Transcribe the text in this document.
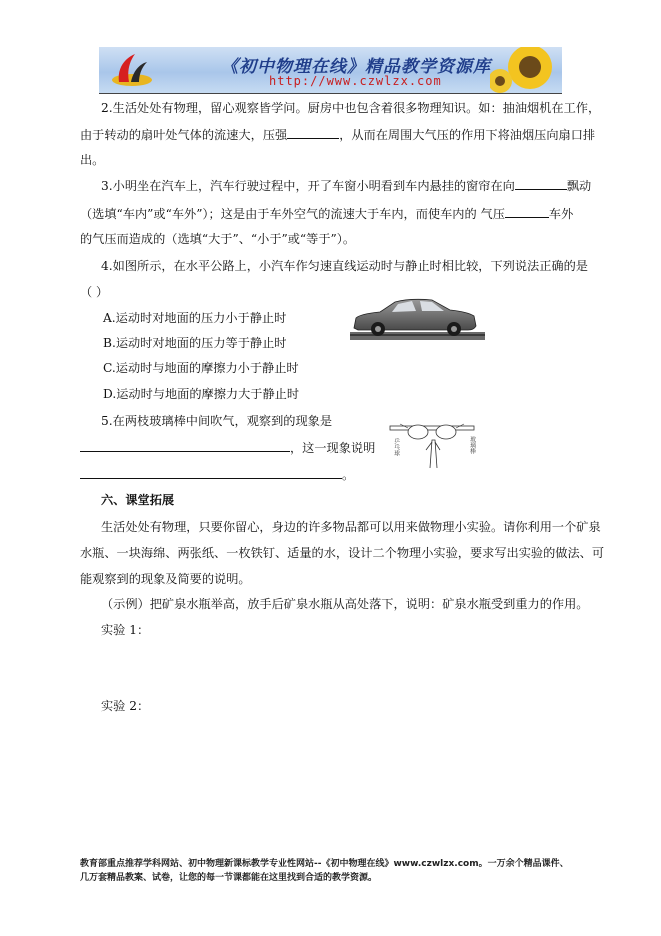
《初中物理在线》精品教学资源库
http://www.czwlzx.com
2.生活处处有物理，留心观察皆学问。厨房中也包含着很多物理知识。如：抽油烟机在工作，
由于转动的扇叶处气体的流速大，压强	，从而在周围大气压的作用下将油烟压向扇口排
出。
3.小明坐在汽车上，汽车行驶过程中，开了车窗小明看到车内悬挂的窗帘在向	飘动
（选填“车内”或“车外”）；这是由于车外空气的流速大于车内，而使车内的 气压	车外
的气压而造成的（选填“大于”、“小于”或“等于”）。
4.如图所示，在水平公路上，小汽车作匀速直线运动时与静止时相比较，下列说法正确的是
（ ）
A.运动时对地面的压力小于静止时
B.运动时对地面的压力等于静止时
C.运动时与地面的摩擦力小于静止时
D.运动时与地面的摩擦力大于静止时
5.在两枝玻璃棒中间吹气，观察到的现象是
，这一现象说明
。
乒乓球	玻璃棒
六、课堂拓展
生活处处有物理，只要你留心，身边的许多物品都可以用来做物理小实验。请你利用一个矿泉
水瓶、一块海绵、两张纸、一枚铁钉、适量的水，设计二个物理小实验，要求写出实验的做法、可
能观察到的现象及简要的说明。
（示例）把矿泉水瓶举高，放手后矿泉水瓶从高处落下，说明：矿泉水瓶受到重力的作用。
实验 1：
实验 2：
教育部重点推荐学科网站、初中物理新课标教学专业性网站--《初中物理在线》www.czwlzx.com。一万余个精品课件、
几万套精品教案、试卷，让您的每一节课都能在这里找到合适的教学资源。
